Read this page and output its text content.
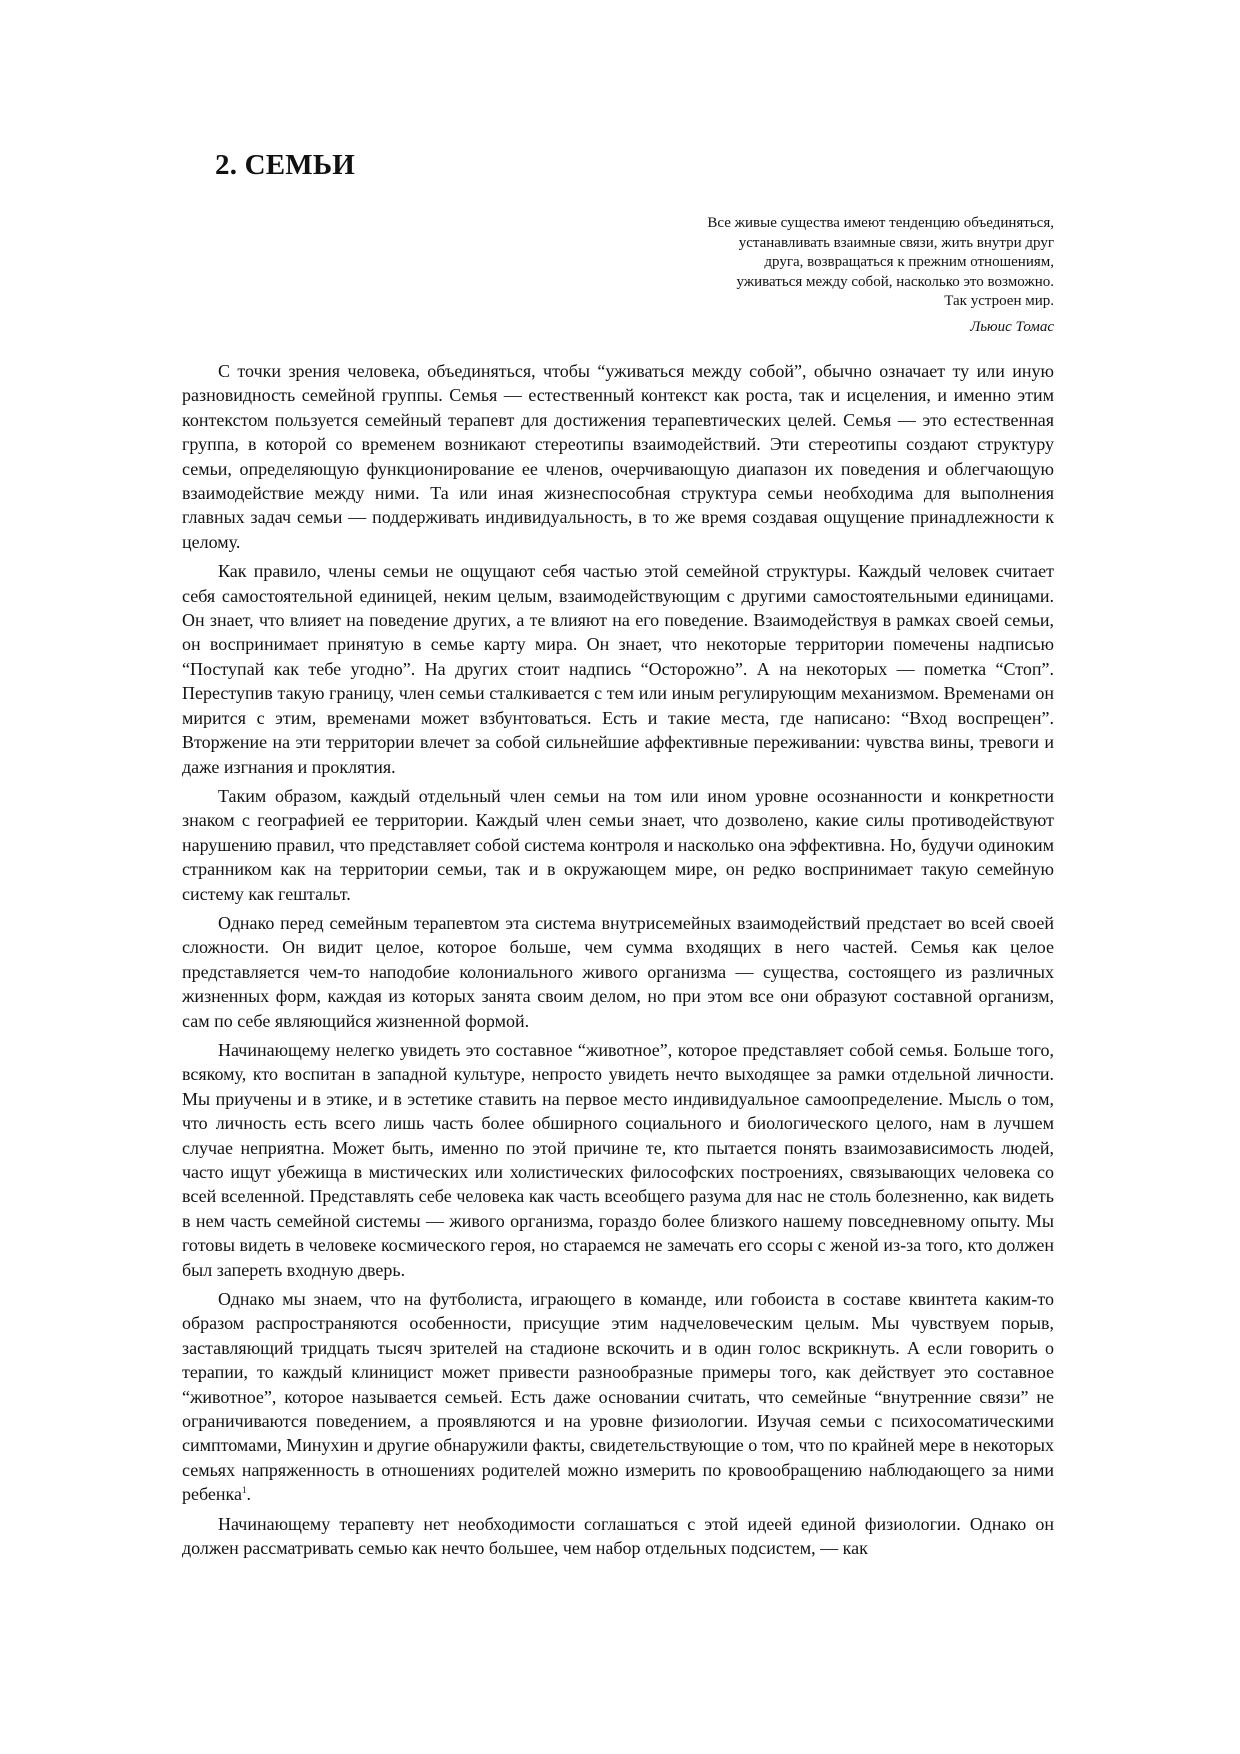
2. СЕМЬИ
Все живые существа имеют тенденцию объединяться,
устанавливать взаимные связи, жить внутри друг
друга, возвращаться к прежним отношениям,
уживаться между собой, насколько это возможно.
Так устроен мир.
Льюис Томас

С точки зрения человека, объединяться, чтобы “уживаться между собой”, обычно означает ту или иную разновидность семейной группы. Семья — естественный контекст как роста, так и исцеления, и именно этим контекстом пользуется семейный терапевт для достижения терапевтических целей. Семья — это естественная группа, в которой со временем возникают стереотипы взаимодействий. Эти стереотипы создают структуру семьи, определяющую функционирование ее членов, очерчивающую диапазон их поведения и облегчающую взаимодействие между ними. Та или иная жизнеспособная структура семьи необходима для выполнения главных задач семьи — поддерживать индивидуальность, в то же время создавая ощущение принадлежности к целому.

Как правило, члены семьи не ощущают себя частью этой семейной структуры. Каждый человек считает себя самостоятельной единицей, неким целым, взаимодействующим с другими самостоятельными единицами. Он знает, что влияет на поведение других, а те влияют на его поведение. Взаимодействуя в рамках своей семьи, он воспринимает принятую в семье карту мира. Он знает, что некоторые территории помечены надписью “Поступай как тебе угодно”. На других стоит надпись “Осторожно”. А на некоторых — пометка “Стоп”. Переступив такую границу, член семьи сталкивается с тем или иным регулирующим механизмом. Временами он мирится с этим, временами может взбунтоваться. Есть и такие места, где написано: “Вход воспрещен”. Вторжение на эти территории влечет за собой сильнейшие аффективные переживании: чувства вины, тревоги и даже изгнания и проклятия.

Таким образом, каждый отдельный член семьи на том или ином уровне осознанности и конкретности знаком с географией ее территории. Каждый член семьи знает, что дозволено, какие силы противодействуют нарушению правил, что представляет собой система контроля и насколько она эффективна. Но, будучи одиноким странником как на территории семьи, так и в окружающем мире, он редко воспринимает такую семейную систему как гештальт.

Однако перед семейным терапевтом эта система внутрисемейных взаимодействий предстает во всей своей сложности. Он видит целое, которое больше, чем сумма входящих в него частей. Семья как целое представляется чем-то наподобие колониального живого организма — существа, состоящего из различных жизненных форм, каждая из которых занята своим делом, но при этом все они образуют составной организм, сам по себе являющийся жизненной формой.

Начинающему нелегко увидеть это составное “животное”, которое представляет собой семья. Больше того, всякому, кто воспитан в западной культуре, непросто увидеть нечто выходящее за рамки отдельной личности. Мы приучены и в этике, и в эстетике ставить на первое место индивидуальное самоопределение. Мысль о том, что личность есть всего лишь часть более обширного социального и биологического целого, нам в лучшем случае неприятна. Может быть, именно по этой причине те, кто пытается понять взаимозависимость людей, часто ищут убежища в мистических или холистических философских построениях, связывающих человека со всей вселенной. Представлять себе человека как часть всеобщего разума для нас не столь болезненно, как видеть в нем часть семейной системы — живого организма, гораздо более близкого нашему повседневному опыту. Мы готовы видеть в человеке космического героя, но стараемся не замечать его ссоры с женой из-за того, кто должен был запереть входную дверь.

Однако мы знаем, что на футболиста, играющего в команде, или гобоиста в составе квинтета каким-то образом распространяются особенности, присущие этим надчеловеческим целым. Мы чувствуем порыв, заставляющий тридцать тысяч зрителей на стадионе вскочить и в один голос вскрикнуть. А если говорить о терапии, то каждый клиницист может привести разнообразные примеры того, как действует это составное “животное”, которое называется семьей. Есть даже основании считать, что семейные “внутренние связи” не ограничиваются поведением, а проявляются и на уровне физиологии. Изучая семьи с психосоматическими симптомами, Минухин и другие обнаружили факты, свидетельствующие о том, что по крайней мере в некоторых семьях напряженность в отношениях родителей можно измерить по кровообращению наблюдающего за ними ребенка$^1$.

Начинающему терапевту нет необходимости соглашаться с этой идеей единой физиологии. Однако он должен рассматривать семью как нечто большее, чем набор отдельных подсистем, — как
